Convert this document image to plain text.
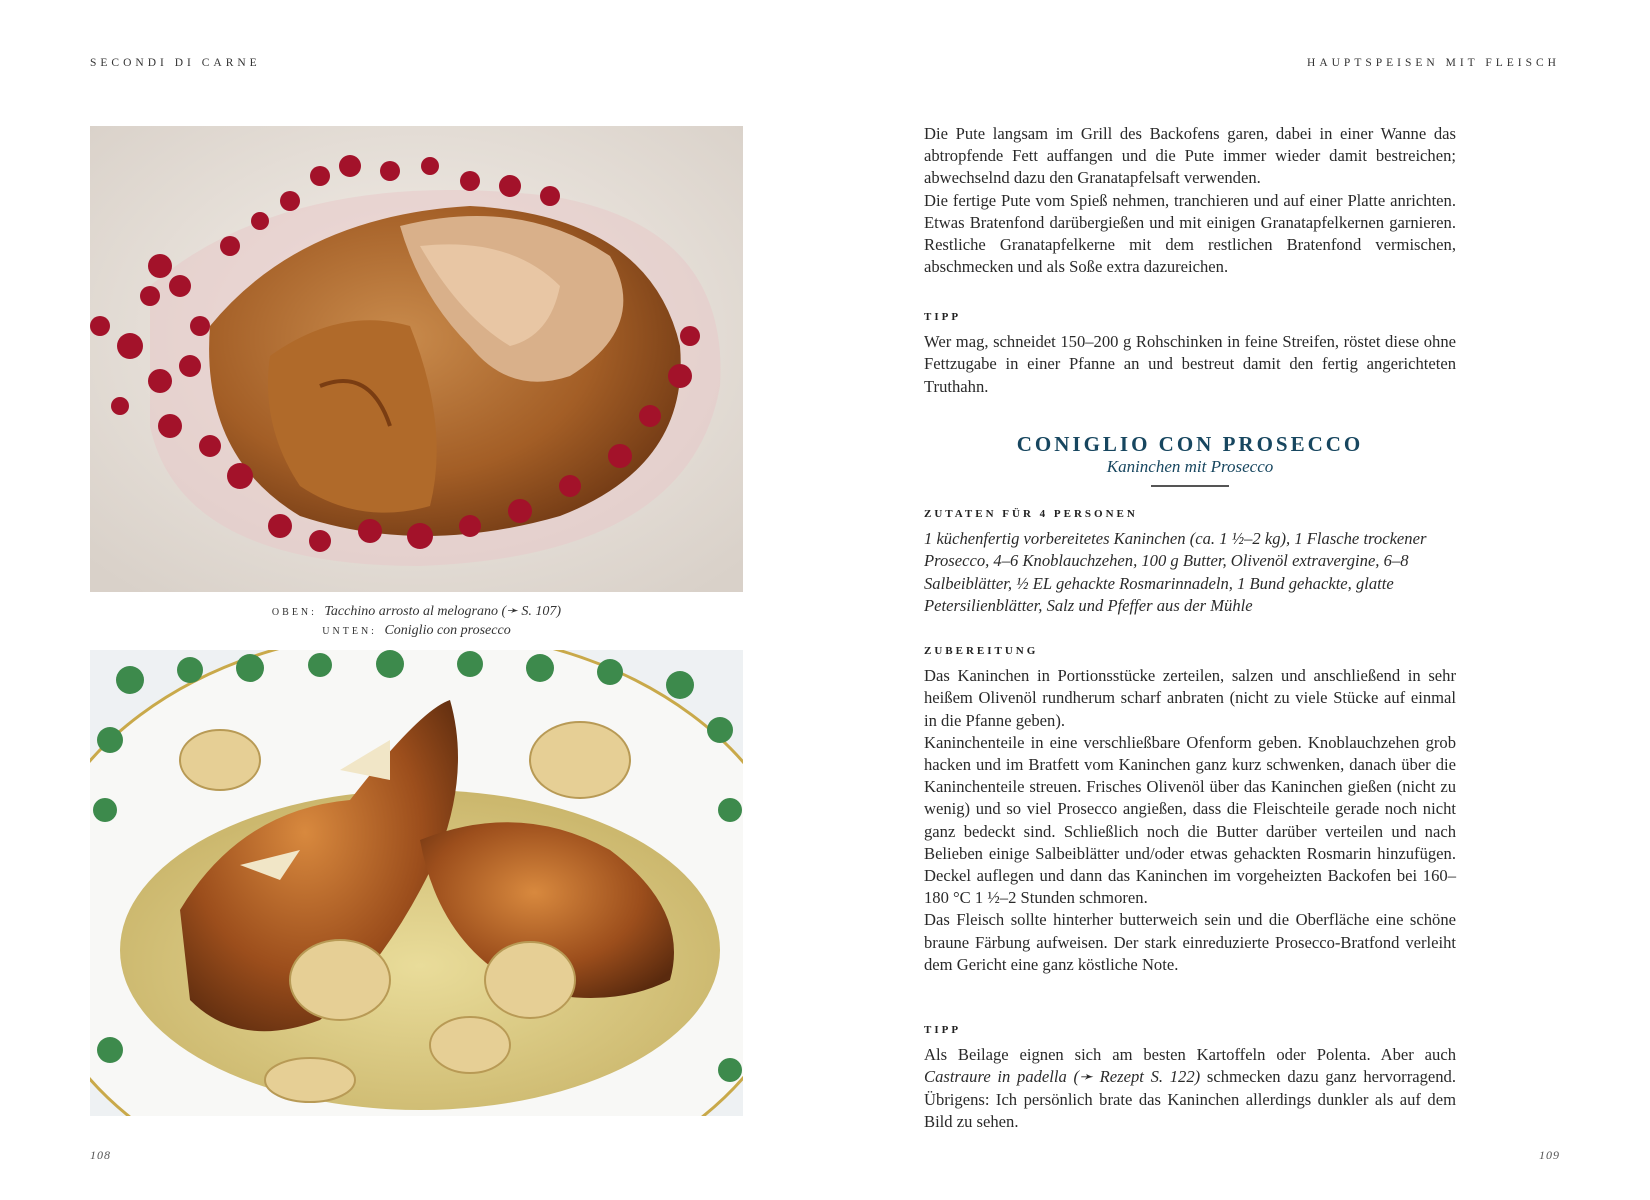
SECONDI DI CARNE
OBEN: Tacchino arrosto al melograno (➛ S. 107)
UNTEN: Coniglio con prosecco
108
HAUPTSPEISEN MIT FLEISCH

Die Pute langsam im Grill des Backofens garen, dabei in einer Wanne das abtropfende Fett auffangen und die Pute immer wieder damit bestreichen; abwechselnd dazu den Granatapfelsaft verwenden.

Die fertige Pute vom Spieß nehmen, tranchieren und auf einer Platte anrichten. Etwas Bratenfond darübergießen und mit einigen Granatapfelkernen garnieren. Restliche Granatapfelkerne mit dem restlichen Bratenfond vermischen, abschmecken und als Soße extra dazureichen.

TIPP

Wer mag, schneidet 150–200 g Rohschinken in feine Streifen, röstet diese ohne Fettzugabe in einer Pfanne an und bestreut damit den fertig angerichteten Truthahn.

CONIGLIO CON PROSECCO
Kaninchen mit Prosecco
ZUTATEN FÜR 4 PERSONEN

1 küchenfertig vorbereitetes Kaninchen (ca. 1 ½–2 kg), 1 Flasche trockener Prosecco, 4–6 Knoblauchzehen, 100 g Butter, Olivenöl extravergine, 6–8 Salbeiblätter, ½ EL gehackte Rosmarinnadeln, 1 Bund gehackte, glatte Petersilienblätter, Salz und Pfeffer aus der Mühle

ZUBEREITUNG

Das Kaninchen in Portionsstücke zerteilen, salzen und anschließend in sehr heißem Olivenöl rundherum scharf anbraten (nicht zu viele Stücke auf einmal in die Pfanne geben).

Kaninchenteile in eine verschließbare Ofenform geben. Knoblauchzehen grob hacken und im Bratfett vom Kaninchen ganz kurz schwenken, danach über die Kaninchenteile streuen. Frisches Olivenöl über das Kaninchen gießen (nicht zu wenig) und so viel Prosecco angießen, dass die Fleischteile gerade noch nicht ganz bedeckt sind. Schließlich noch die Butter darüber verteilen und nach Belieben einige Salbeiblätter und/oder etwas gehackten Rosmarin hinzufügen. Deckel auflegen und dann das Kaninchen im vorgeheizten Backofen bei 160–180 °C 1 ½–2 Stunden schmoren.

Das Fleisch sollte hinterher butterweich sein und die Oberfläche eine schöne braune Färbung aufweisen. Der stark einreduzierte Prosecco-Bratfond verleiht dem Gericht eine ganz köstliche Note.

TIPP

Als Beilage eignen sich am besten Kartoffeln oder Polenta. Aber auch Castraure in padella (➛ Rezept S. 122) schmecken dazu ganz hervorragend. Übrigens: Ich persönlich brate das Kaninchen allerdings dunkler als auf dem Bild zu sehen.

109
